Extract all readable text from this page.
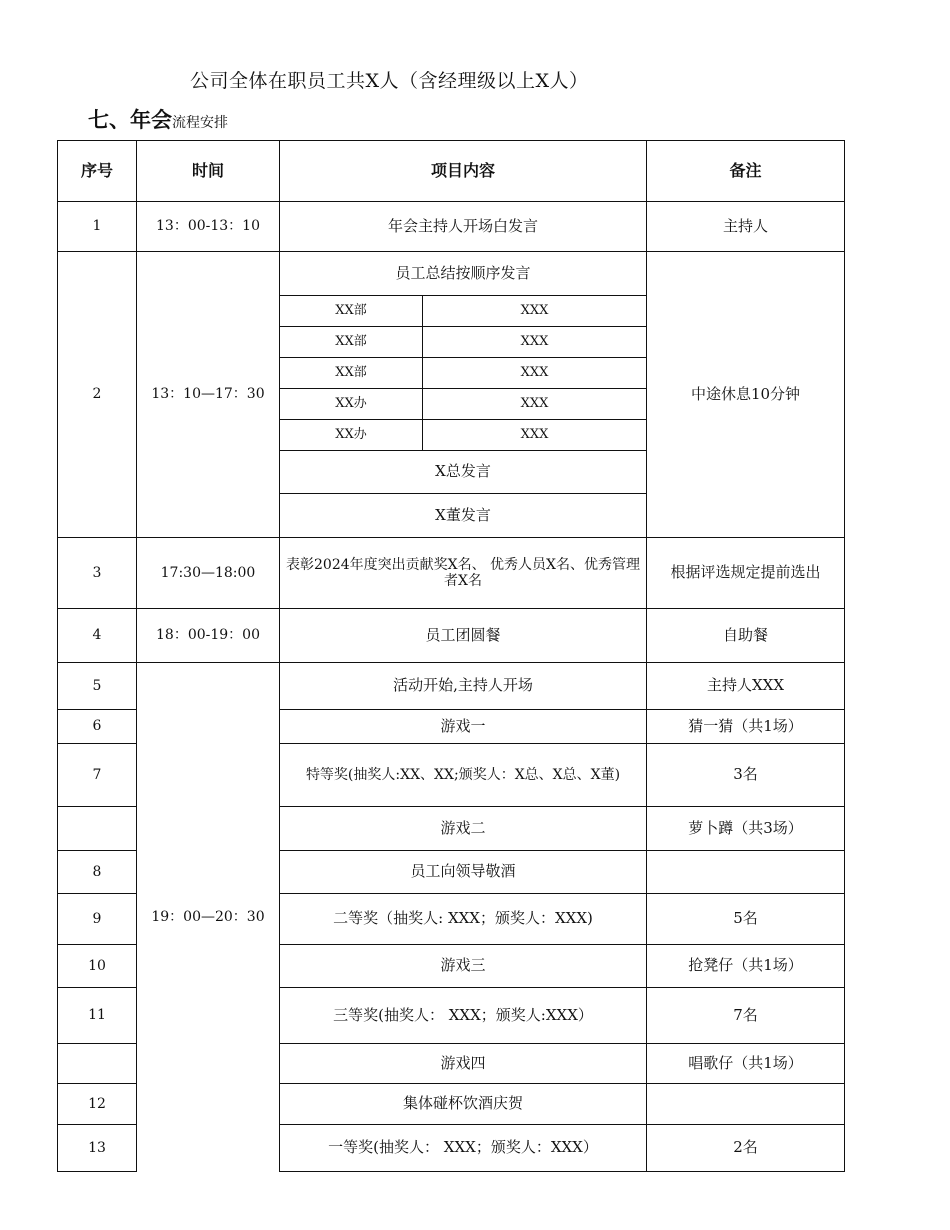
公司全体在职员工共X人（含经理级以上X人）
七、年会流程安排
序号	时间	项目内容		备注
1	13：00-13：10	年会主持人开场白发言		主持人
2	13：10—17：30	员工总结按顺序发言		中途休息10分钟
		XX部	XXX	
		XX部	XXX	
		XX部	XXX	
		XX办	XXX	
		XX办	XXX	
		X总发言		
		X董发言		
3	17:30—18:00	表彰2024年度突出贡献奖X名、 优秀人员X名、优秀管理者X名		根据评选规定提前选出
4	18：00-19：00	员工团圆餐		自助餐
5	19：00—20：30	活动开始,主持人开场		主持人XXX
6		游戏一		猜一猜（共1场）
7		特等奖(抽奖人:XX、XX;颁奖人：X总、X总、X董)		3名
		游戏二		萝卜蹲（共3场）
8		员工向领导敬酒		
9		二等奖（抽奖人: XXX；颁奖人：XXX)		5名
10		游戏三		抢凳仔（共1场）
11		三等奖(抽奖人： XXX；颁奖人:XXX）		7名
		游戏四		唱歌仔（共1场）
12		集体碰杯饮酒庆贺		
13		一等奖(抽奖人： XXX；颁奖人：XXX）		2名
